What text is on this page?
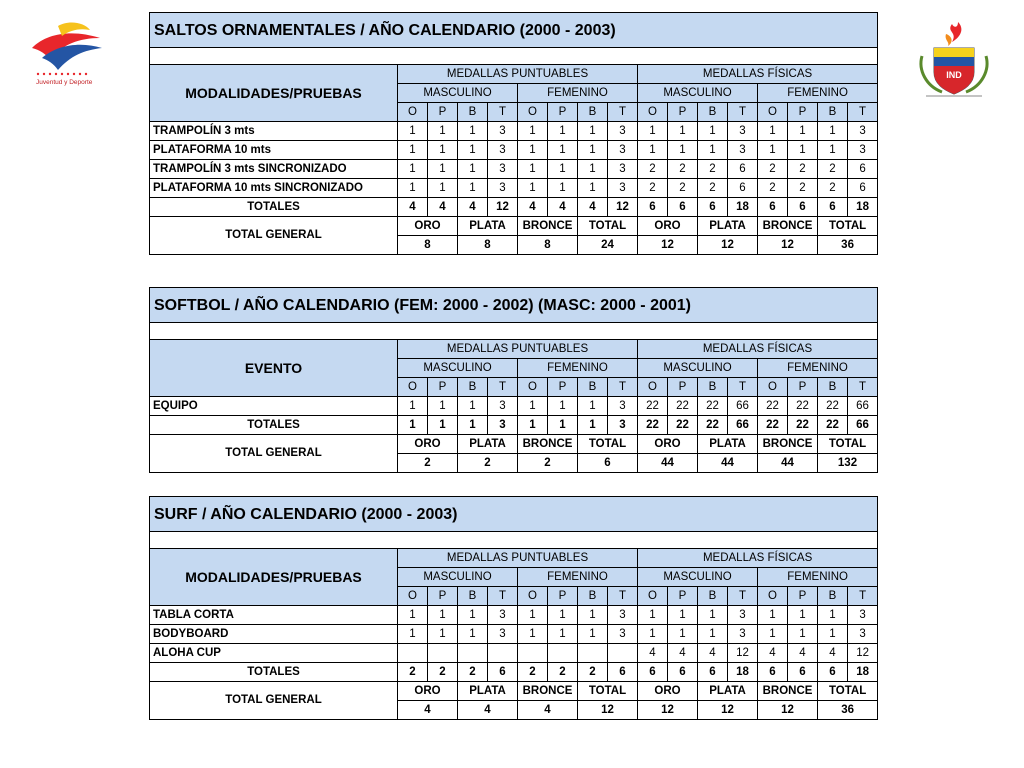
Juventud y Deporte
IND
SALTOS ORNAMENTALES / AÑO CALENDARIO (2000 - 2003)																

MODALIDADES/PRUEBAS	MEDALLAS PUNTUABLES								MEDALLAS FÍSICAS							
	MASCULINO				FEMENINO				MASCULINO				FEMENINO			
	O	P	B	T	O	P	B	T	O	P	B	T	O	P	B	T
TRAMPOLÍN 3 mts	1	1	1	3	1	1	1	3	1	1	1	3	1	1	1	3
PLATAFORMA 10 mts	1	1	1	3	1	1	1	3	1	1	1	3	1	1	1	3
TRAMPOLÍN 3 mts SINCRONIZADO	1	1	1	3	1	1	1	3	2	2	2	6	2	2	2	6
PLATAFORMA 10 mts SINCRONIZADO	1	1	1	3	1	1	1	3	2	2	2	6	2	2	2	6
TOTALES	4	4	4	12	4	4	4	12	6	6	6	18	6	6	6	18
TOTAL GENERAL	ORO		PLATA		BRONCE		TOTAL		ORO		PLATA		BRONCE		TOTAL	
	8		8		8		24		12		12		12		36	
SOFTBOL / AÑO CALENDARIO (FEM: 2000 - 2002) (MASC: 2000 - 2001)																

EVENTO	MEDALLAS PUNTUABLES								MEDALLAS FÍSICAS							
	MASCULINO				FEMENINO				MASCULINO				FEMENINO			
	O	P	B	T	O	P	B	T	O	P	B	T	O	P	B	T
EQUIPO	1	1	1	3	1	1	1	3	22	22	22	66	22	22	22	66
TOTALES	1	1	1	3	1	1	1	3	22	22	22	66	22	22	22	66
TOTAL GENERAL	ORO		PLATA		BRONCE		TOTAL		ORO		PLATA		BRONCE		TOTAL	
	2		2		2		6		44		44		44		132	
SURF / AÑO CALENDARIO (2000 - 2003)																

MODALIDADES/PRUEBAS	MEDALLAS PUNTUABLES								MEDALLAS FÍSICAS							
	MASCULINO				FEMENINO				MASCULINO				FEMENINO			
	O	P	B	T	O	P	B	T	O	P	B	T	O	P	B	T
TABLA CORTA	1	1	1	3	1	1	1	3	1	1	1	3	1	1	1	3
BODYBOARD	1	1	1	3	1	1	1	3	1	1	1	3	1	1	1	3
ALOHA CUP									4	4	4	12	4	4	4	12
TOTALES	2	2	2	6	2	2	2	6	6	6	6	18	6	6	6	18
TOTAL GENERAL	ORO		PLATA		BRONCE		TOTAL		ORO		PLATA		BRONCE		TOTAL	
	4		4		4		12		12		12		12		36	
